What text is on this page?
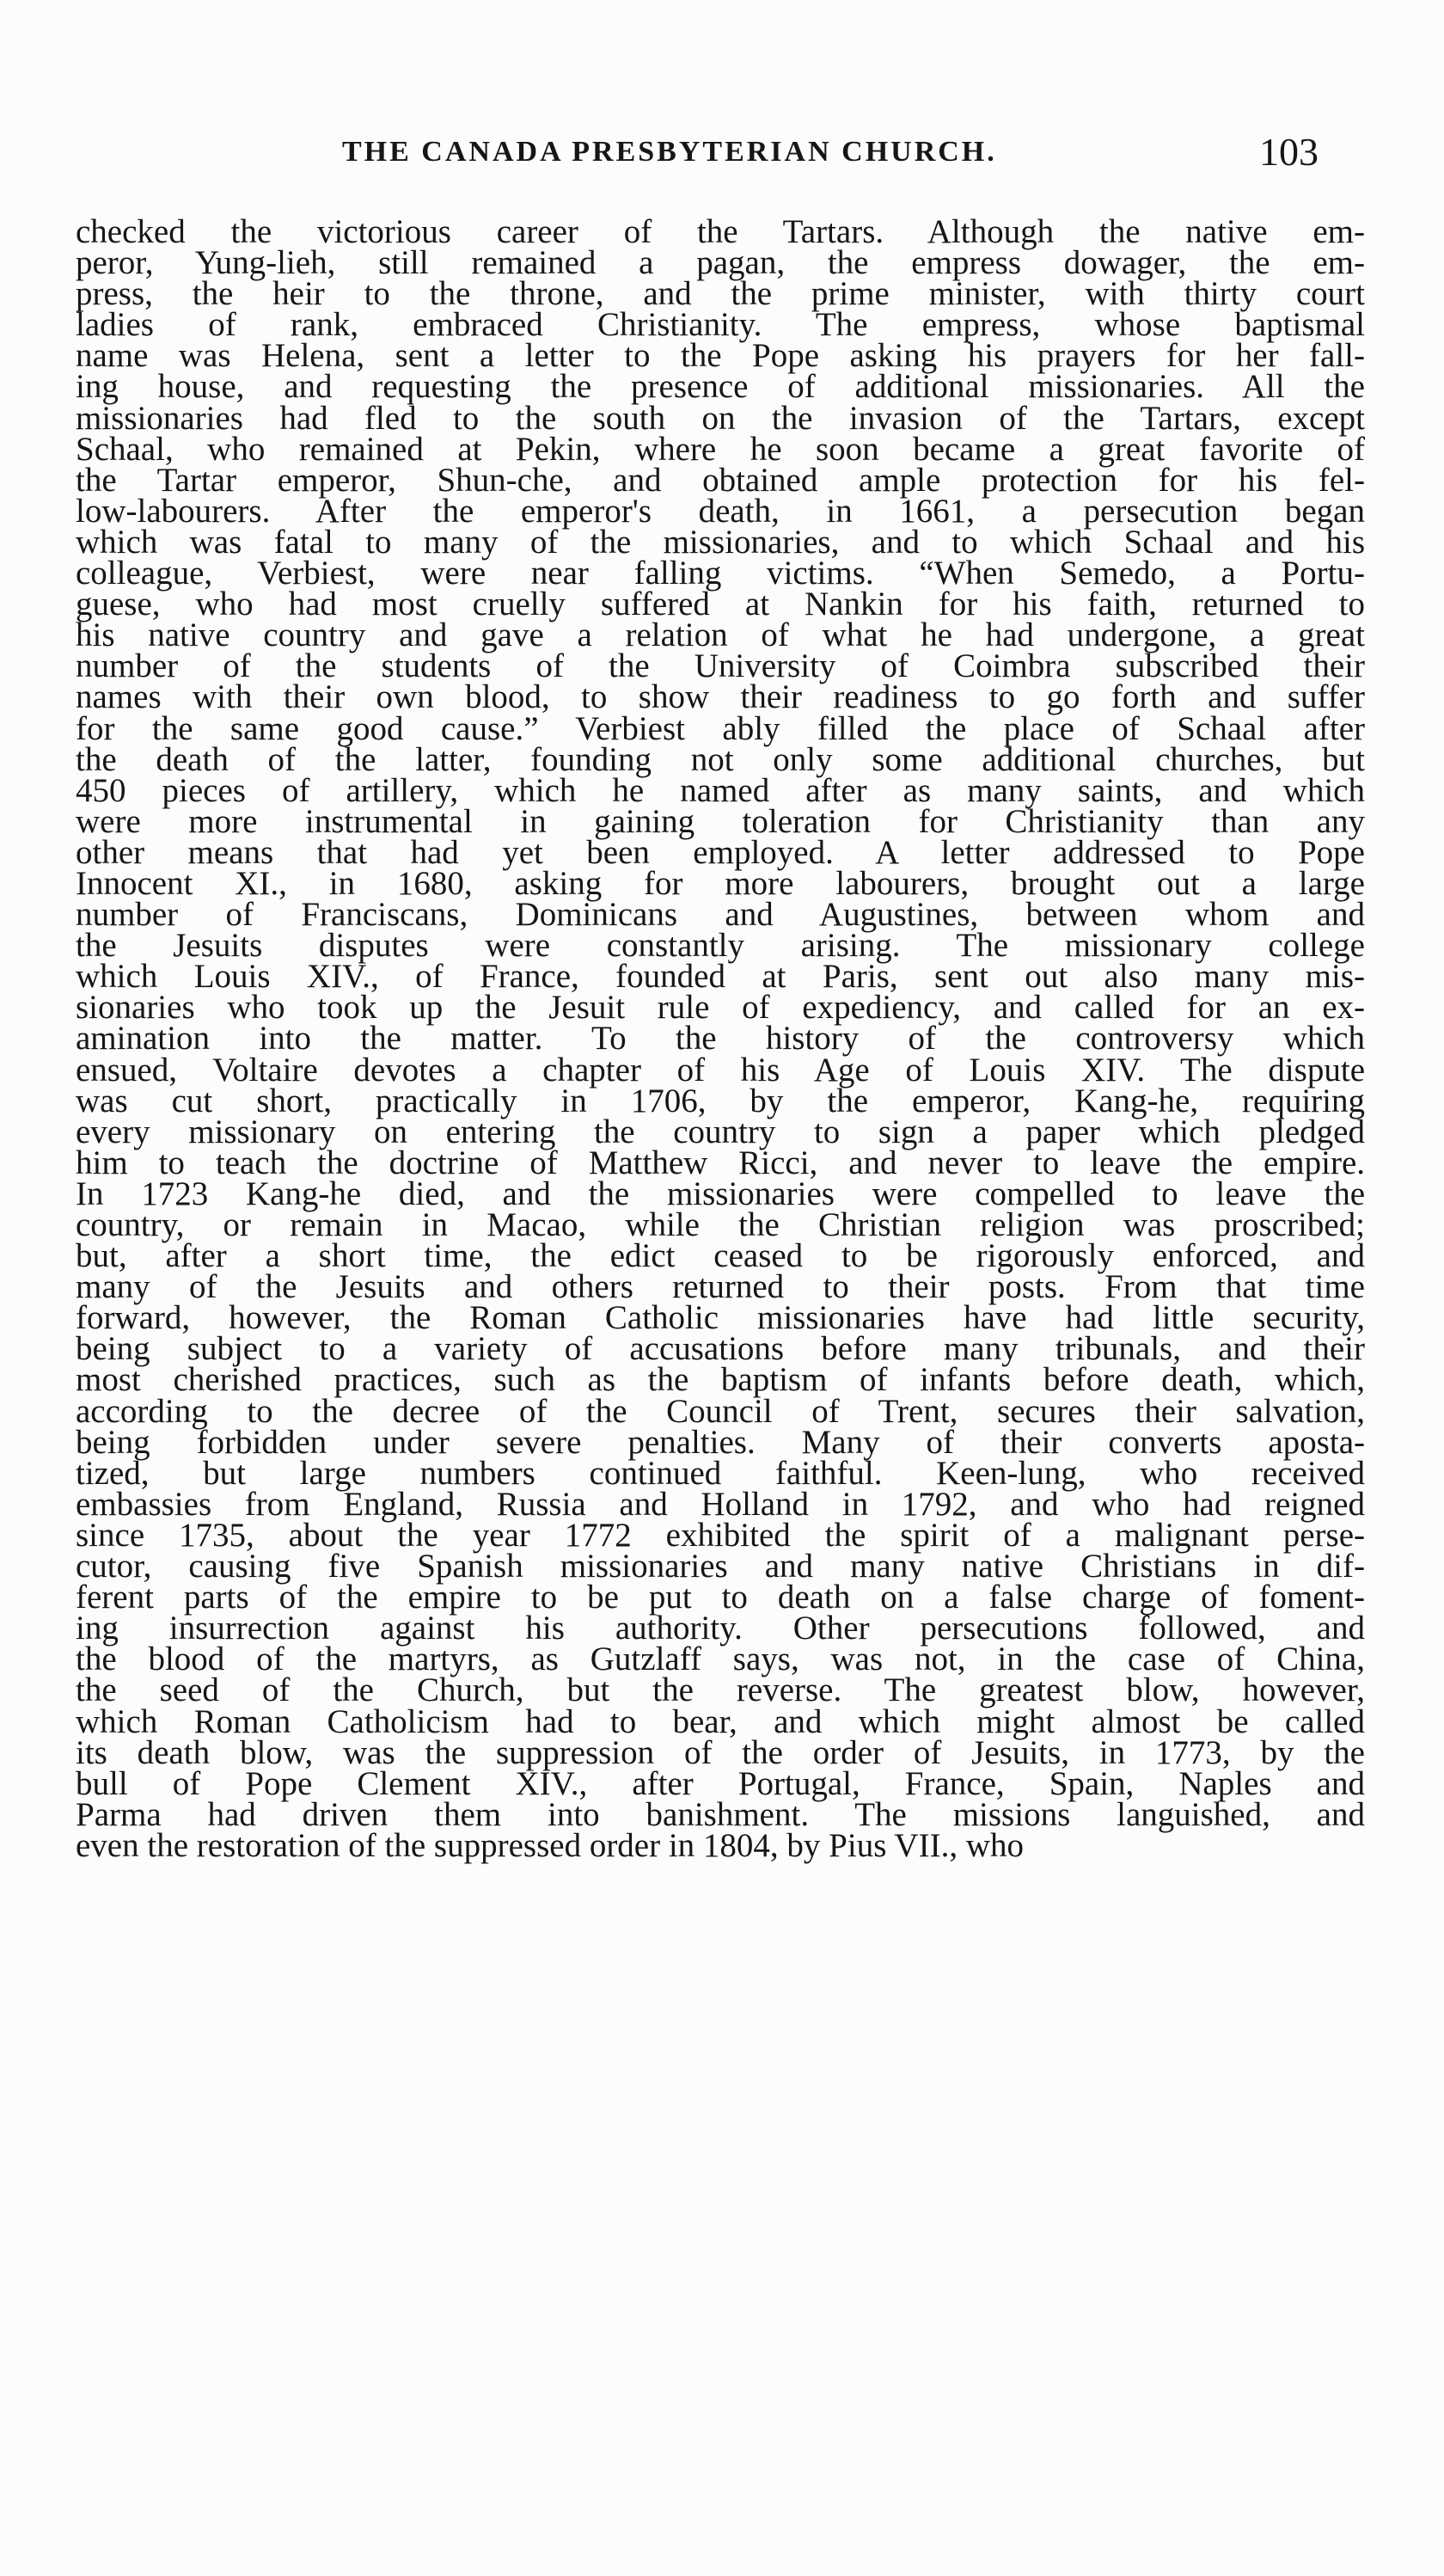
THE CANADA PRESBYTERIAN CHURCH.	103
checked the victorious career of the Tartars. Although the native em-
peror, Yung-lieh, still remained a pagan, the empress dowager, the em-
press, the heir to the throne, and the prime minister, with thirty court
ladies of rank, embraced Christianity. The empress, whose baptismal
name was Helena, sent a letter to the Pope asking his prayers for her fall-
ing house, and requesting the presence of additional missionaries. All the
missionaries had fled to the south on the invasion of the Tartars, except
Schaal, who remained at Pekin, where he soon became a great favorite of
the Tartar emperor, Shun-che, and obtained ample protection for his fel-
low-labourers. After the emperor's death, in 1661, a persecution began
which was fatal to many of the missionaries, and to which Schaal and his
colleague, Verbiest, were near falling victims. “When Semedo, a Portu-
guese, who had most cruelly suffered at Nankin for his faith, returned to
his native country and gave a relation of what he had undergone, a great
number of the students of the University of Coimbra subscribed their
names with their own blood, to show their readiness to go forth and suffer
for the same good cause.” Verbiest ably filled the place of Schaal after
the death of the latter, founding not only some additional churches, but
450 pieces of artillery, which he named after as many saints, and which
were more instrumental in gaining toleration for Christianity than any
other means that had yet been employed. A letter addressed to Pope
Innocent XI., in 1680, asking for more labourers, brought out a large
number of Franciscans, Dominicans and Augustines, between whom and
the Jesuits disputes were constantly arising. The missionary college
which Louis XIV., of France, founded at Paris, sent out also many mis-
sionaries who took up the Jesuit rule of expediency, and called for an ex-
amination into the matter. To the history of the controversy which
ensued, Voltaire devotes a chapter of his Age of Louis XIV. The dispute
was cut short, practically in 1706, by the emperor, Kang-he, requiring
every missionary on entering the country to sign a paper which pledged
him to teach the doctrine of Matthew Ricci, and never to leave the empire.
In 1723 Kang-he died, and the missionaries were compelled to leave the
country, or remain in Macao, while the Christian religion was proscribed;
but, after a short time, the edict ceased to be rigorously enforced, and
many of the Jesuits and others returned to their posts. From that time
forward, however, the Roman Catholic missionaries have had little security,
being subject to a variety of accusations before many tribunals, and their
most cherished practices, such as the baptism of infants before death, which,
according to the decree of the Council of Trent, secures their salvation,
being forbidden under severe penalties. Many of their converts aposta-
tized, but large numbers continued faithful. Keen-lung, who received
embassies from England, Russia and Holland in 1792, and who had reigned
since 1735, about the year 1772 exhibited the spirit of a malignant perse-
cutor, causing five Spanish missionaries and many native Christians in dif-
ferent parts of the empire to be put to death on a false charge of foment-
ing insurrection against his authority. Other persecutions followed, and
the blood of the martyrs, as Gutzlaff says, was not, in the case of China,
the seed of the Church, but the reverse. The greatest blow, however,
which Roman Catholicism had to bear, and which might almost be called
its death blow, was the suppression of the order of Jesuits, in 1773, by the
bull of Pope Clement XIV., after Portugal, France, Spain, Naples and
Parma had driven them into banishment. The missions languished, and
even the restoration of the suppressed order in 1804, by Pius VII., who
